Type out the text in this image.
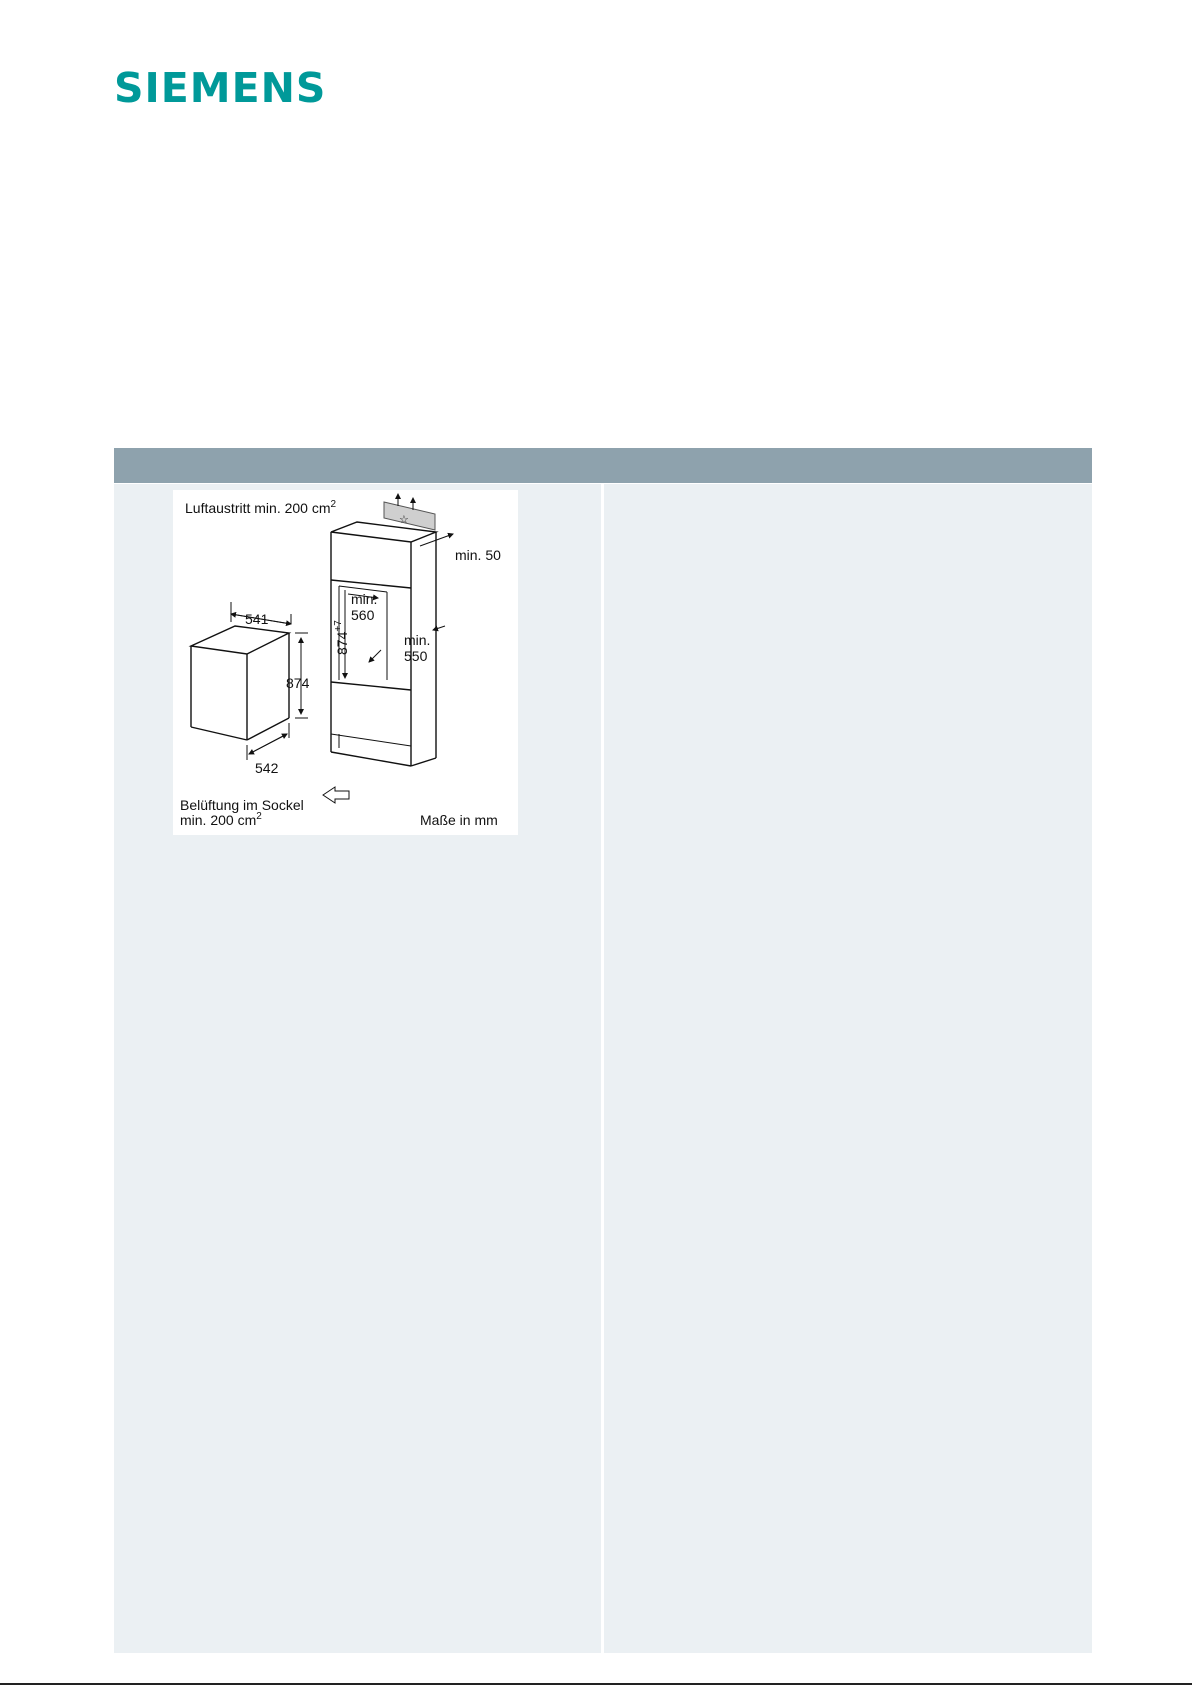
SIEMENS
Luftaustritt min. 200 $cm^2$
☆
min. 50
min.
560
$874^{+7}$
min.
550
541
874
542
Belüftung im Sockel
min. 200 $cm^2$	Maße in mm
